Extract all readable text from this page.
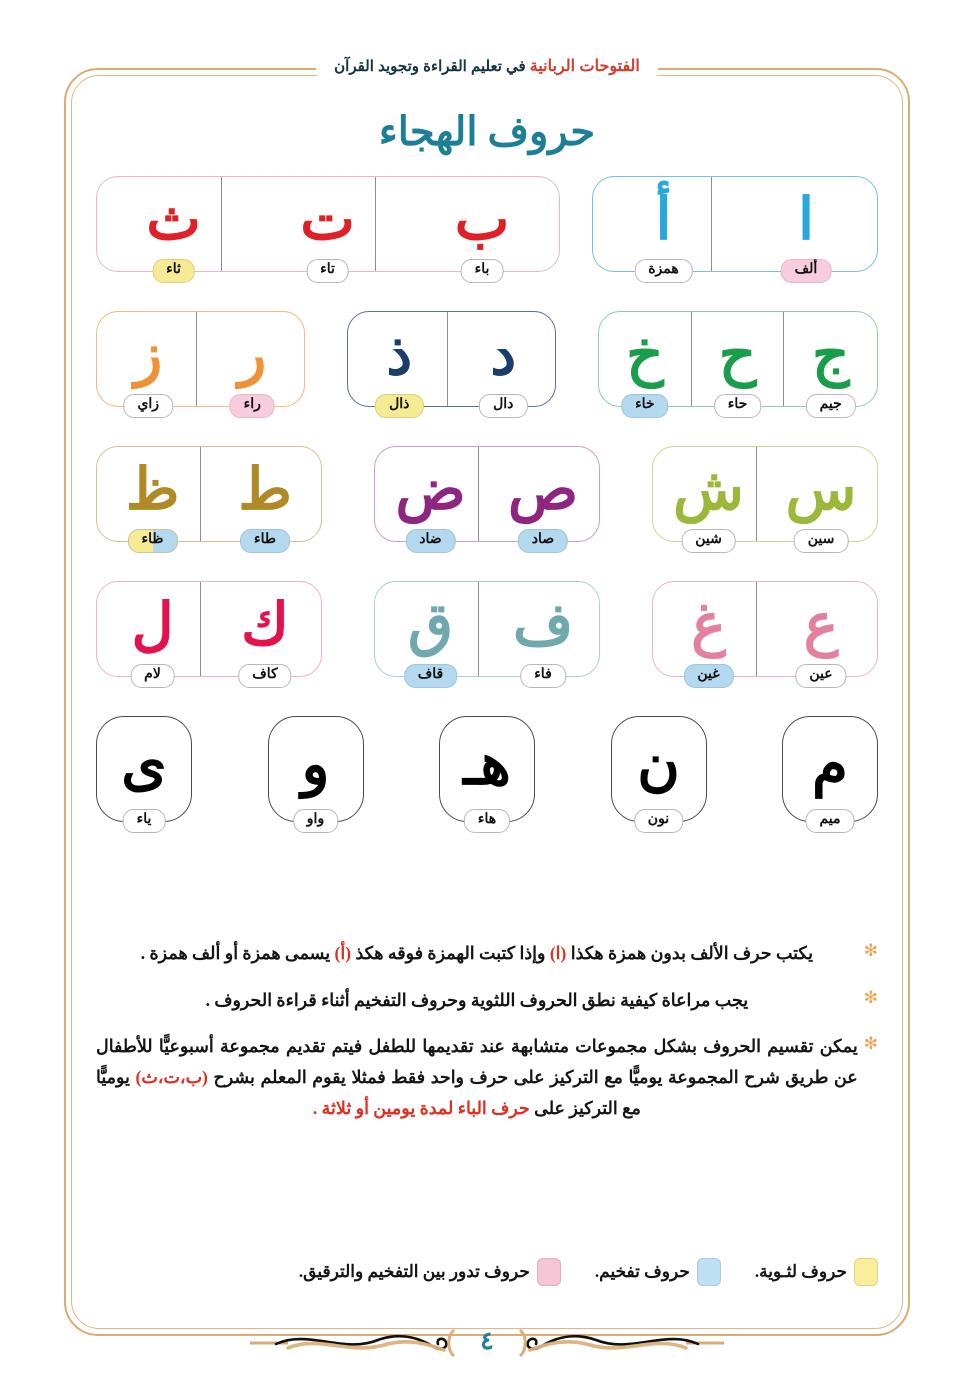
الفتوحات الربانية في تعليم القراءة وتجويد القرآن
حروف الهجاء
ا
ألف
أ
همزة
ب
باء
ت
تاء
ث
ثاء
ج
جيم
ح
حاء
خ
خاء
د
دال
ذ
ذال
ر
راء
ز
زاي
س
سين
ش
شين
ص
صاد
ض
ضاد
ط
طاء
ظ
ظاء
ع
عين
غ
غين
ف
فاء
ق
قاف
ك
كاف
ل
لام
م
ميم
ن
نون
هـ
هاء
و
واو
ى
ياء
✻
يكتب حرف الألف بدون همزة هكذا (ا) وإذا كتبت الهمزة فوقه هكذ (أ) يسمى همزة أو ألف همزة .
✻
يجب مراعاة كيفية نطق الحروف اللثوية وحروف التفخيم أثناء قراءة الحروف .
✻
يمكن تقسيم الحروف بشكل مجموعات متشابهة عند تقديمها للطفل فيتم تقديم مجموعة أسبوعيًّا للأطفال عن طريق شرح المجموعة يوميًّا مع التركيز على حرف واحد فقط فمثلا يقوم المعلم بشرح (ب،ت،ث) يوميًّا مع التركيز على حرف الباء لمدة يومين أو ثلاثة .
حروف لثـوية.
حروف تفخيم.
حروف تدور بين التفخيم والترقيق.
٤
